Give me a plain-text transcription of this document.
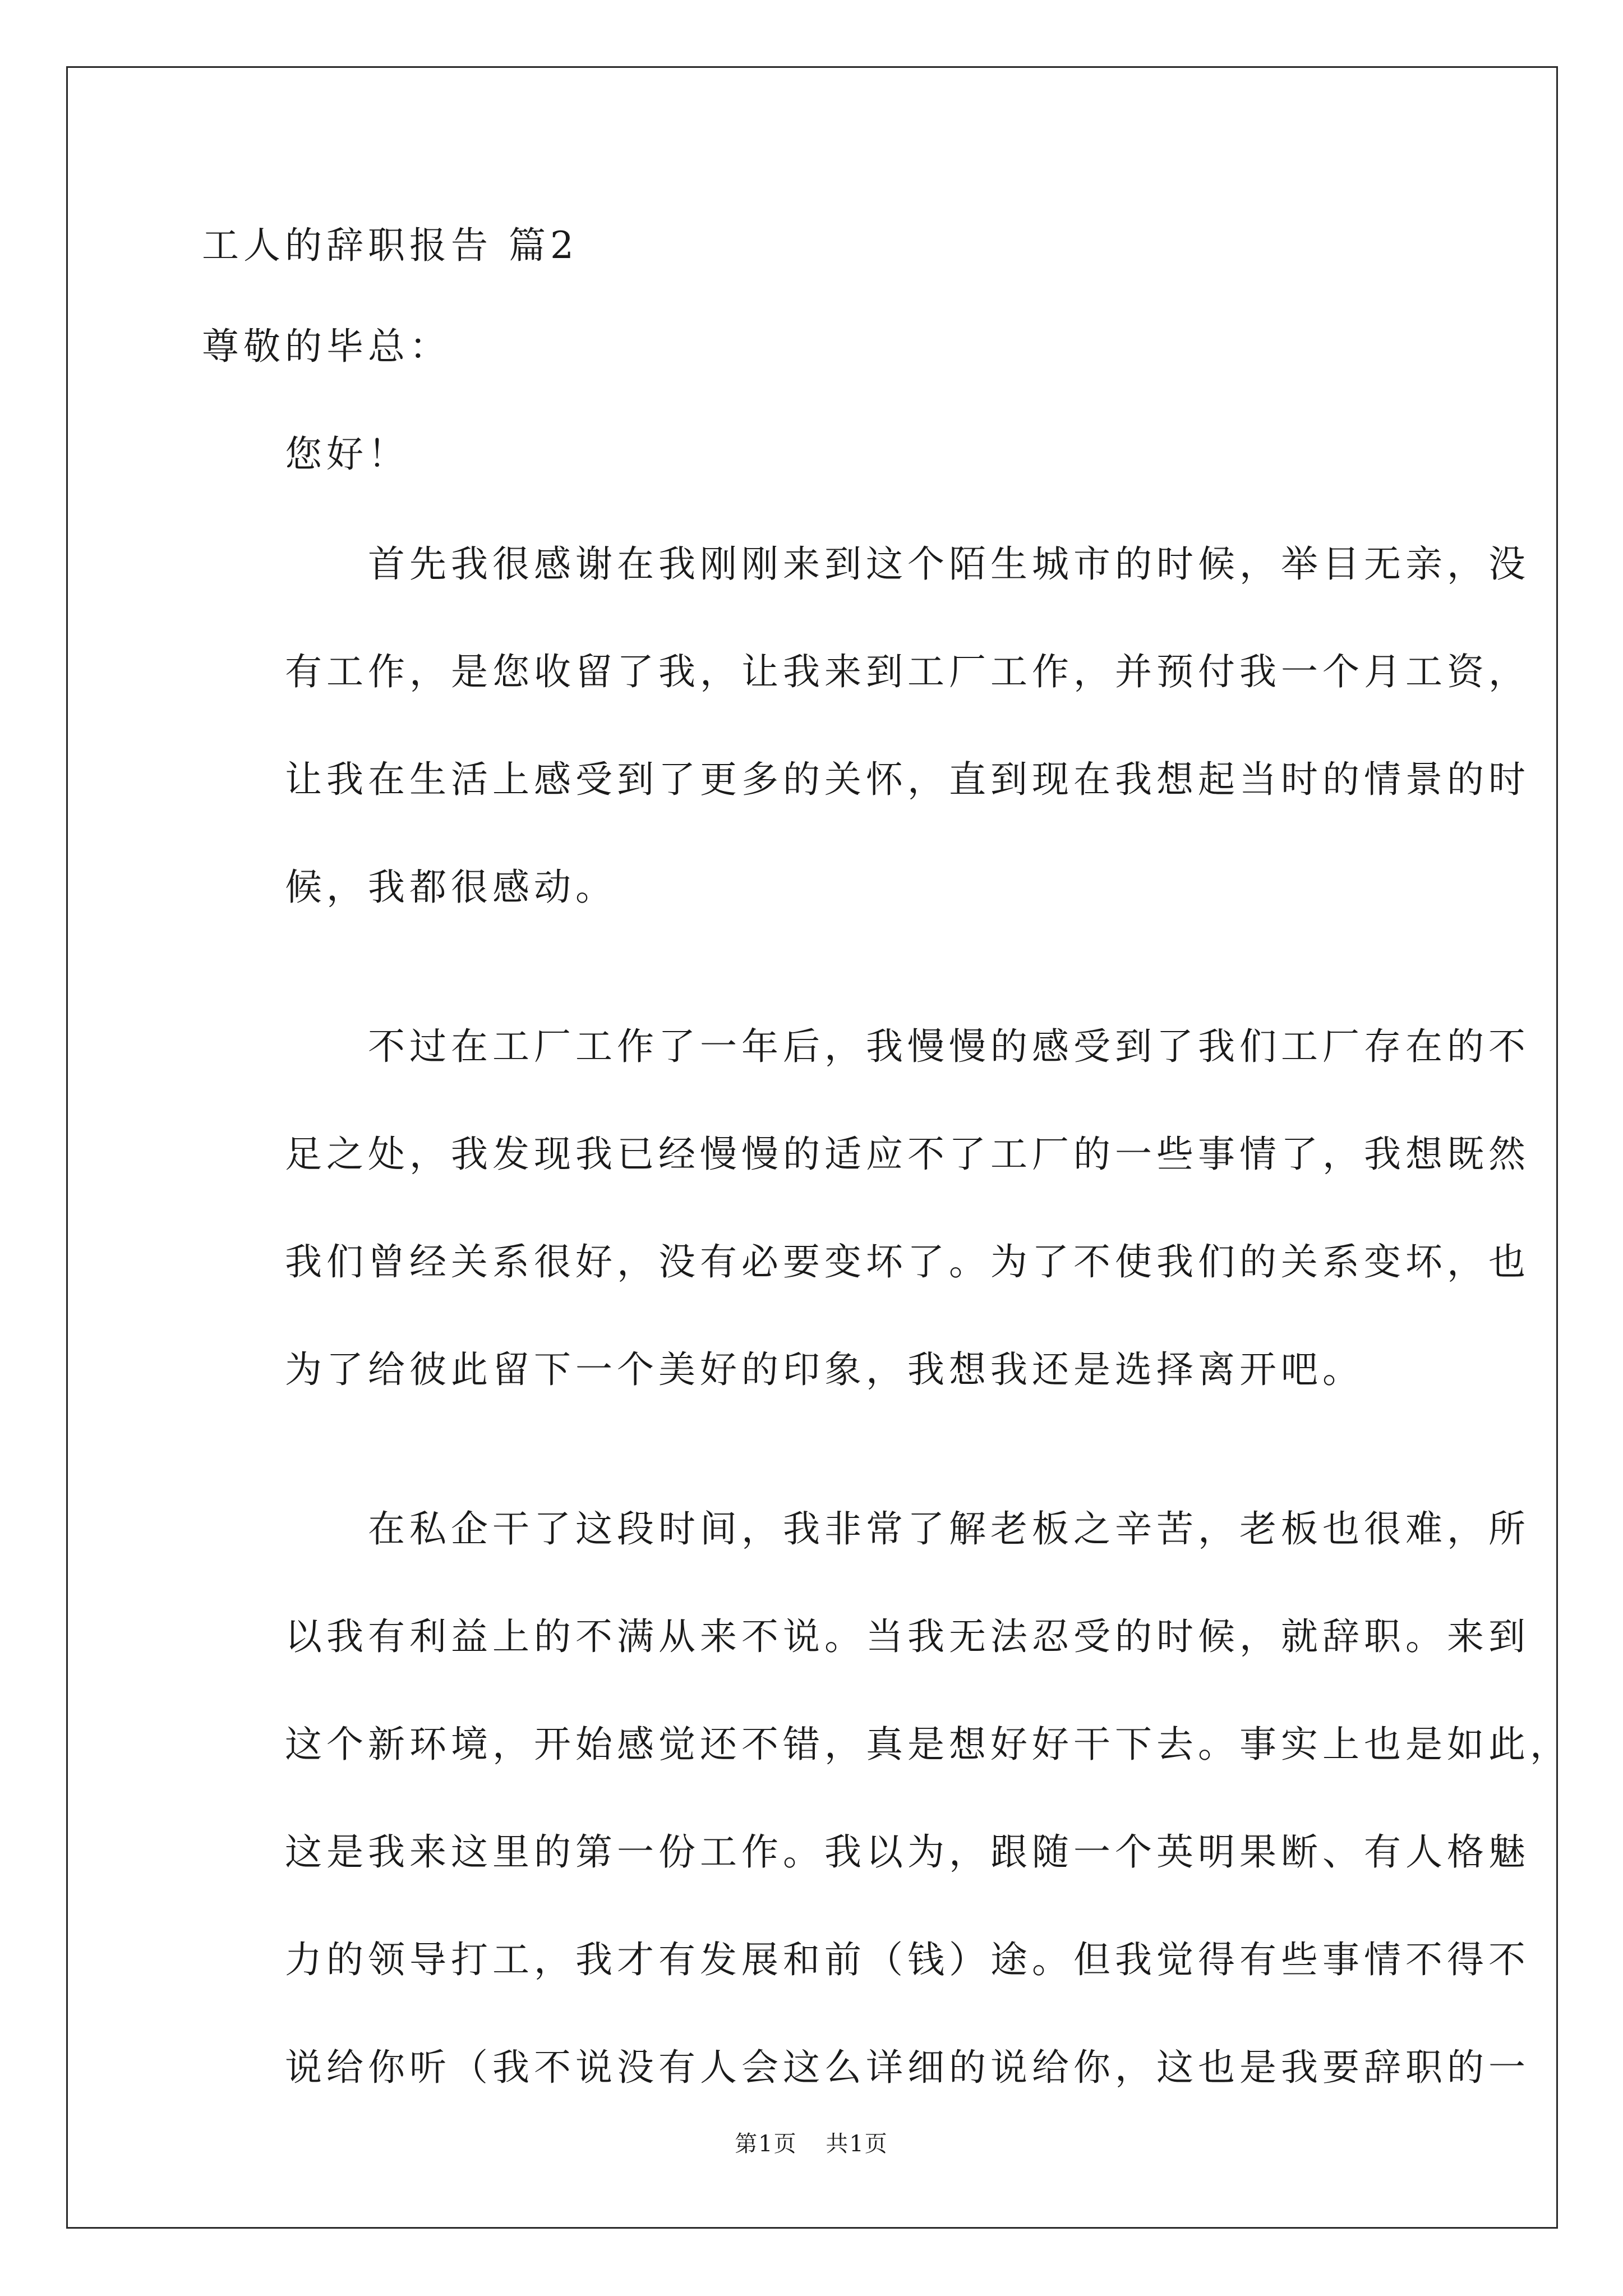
工人的辞职报告 篇2

尊敬的毕总：

您好！

首先我很感谢在我刚刚来到这个陌生城市的时候，举目无亲，没
有工作，是您收留了我，让我来到工厂工作，并预付我一个月工资，
让我在生活上感受到了更多的关怀，直到现在我想起当时的情景的时
候，我都很感动。
不过在工厂工作了一年后，我慢慢的感受到了我们工厂存在的不
足之处，我发现我已经慢慢的适应不了工厂的一些事情了，我想既然
我们曾经关系很好，没有必要变坏了。为了不使我们的关系变坏，也
为了给彼此留下一个美好的印象，我想我还是选择离开吧。
在私企干了这段时间，我非常了解老板之辛苦，老板也很难，所
以我有利益上的不满从来不说。当我无法忍受的时候，就辞职。来到
这个新环境，开始感觉还不错，真是想好好干下去。事实上也是如此，
这是我来这里的第一份工作。我以为，跟随一个英明果断、有人格魅
力的领导打工，我才有发展和前（钱）途。但我觉得有些事情不得不
说给你听（我不说没有人会这么详细的说给你，这也是我要辞职的一
第1页 共1页
